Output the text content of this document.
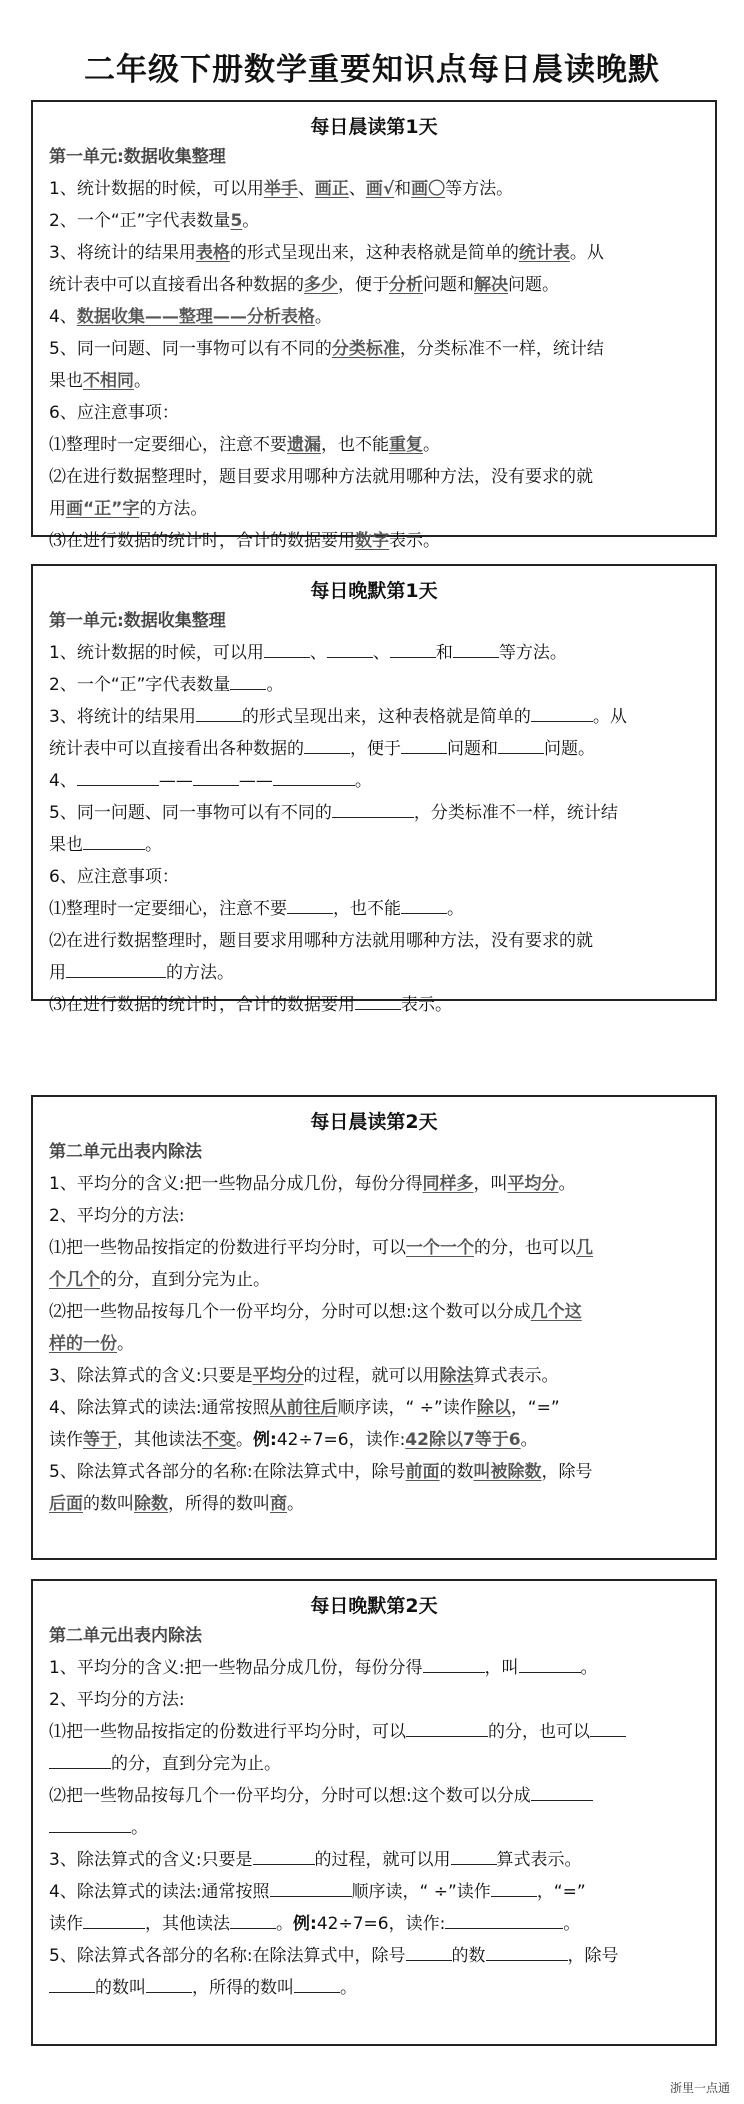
二年级下册数学重要知识点每日晨读晚默
每日晨读第1天
第一单元:数据收集整理
1、统计数据的时候，可以用举手、画正、画√和画〇等方法。
2、一个“正”字代表数量5。
3、将统计的结果用表格的形式呈现出来，这种表格就是简单的统计表。从
统计表中可以直接看出各种数据的多少，便于分析问题和解决问题。
4、数据收集——整理——分析表格。
5、同一问题、同一事物可以有不同的分类标准，分类标准不一样，统计结
果也不相同。
6、应注意事项：
⑴整理时一定要细心，注意不要遗漏，也不能重复。
⑵在进行数据整理时，题目要求用哪种方法就用哪种方法，没有要求的就
用画“正”字的方法。
⑶在进行数据的统计时，合计的数据要用数字表示。
每日晚默第1天
第一单元:数据收集整理
1、统计数据的时候，可以用	、	、	和	等方法。
2、一个“正”字代表数量 。
3、将统计的结果用	的形式呈现出来，这种表格就是简单的	。从
统计表中可以直接看出各种数据的	，便于	问题和	问题。
4、	——	——	。
5、同一问题、同一事物可以有不同的	，分类标准不一样，统计结
果也	。
6、应注意事项：
⑴整理时一定要细心，注意不要	，也不能	。
⑵在进行数据整理时，题目要求用哪种方法就用哪种方法，没有要求的就
用	的方法。
⑶在进行数据的统计时，合计的数据要用	表示。
每日晨读第2天
第二单元出表内除法
1、平均分的含义:把一些物品分成几份，每份分得同样多，叫平均分。
2、平均分的方法:
⑴把一些物品按指定的份数进行平均分时，可以一个一个的分，也可以几
个几个的分，直到分完为止。
⑵把一些物品按每几个一份平均分，分时可以想:这个数可以分成几个这
样的一份。
3、除法算式的含义:只要是平均分的过程，就可以用除法算式表示。
4、除法算式的读法:通常按照从前往后顺序读，“ ÷”读作除以，“=”
读作等于，其他读法不变。例:42÷7=6，读作:42除以7等于6。
5、除法算式各部分的名称:在除法算式中，除号前面的数叫被除数，除号
后面的数叫除数，所得的数叫商。
每日晚默第2天
第二单元出表内除法
1、平均分的含义:把一些物品分成几份，每份分得	，叫	。
2、平均分的方法:
⑴把一些物品按指定的份数进行平均分时，可以	的分，也可以
的分，直到分完为止。
⑵把一些物品按每几个一份平均分，分时可以想:这个数可以分成
。
3、除法算式的含义:只要是	的过程，就可以用	算式表示。
4、除法算式的读法:通常按照	顺序读，“ ÷”读作	，“=”
读作	，其他读法	。例:42÷7=6，读作:	。
5、除法算式各部分的名称:在除法算式中，除号	的数	，除号
的数叫	，所得的数叫	。
浙里一点通
